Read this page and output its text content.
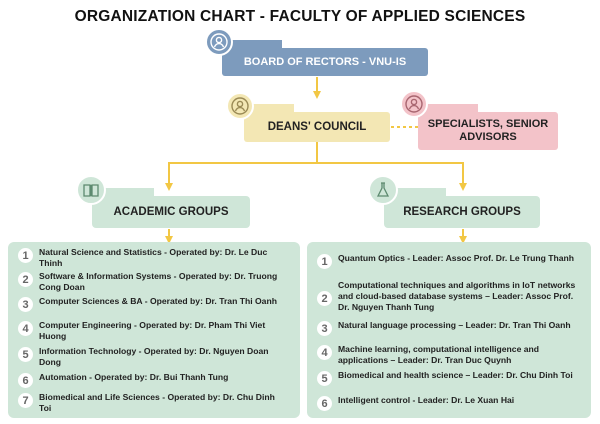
ORGANIZATION CHART - FACULTY OF APPLIED SCIENCES
BOARD OF RECTORS - VNU-IS
DEANS' COUNCIL	SPECIALISTS, SENIOR ADVISORS
ACADEMIC GROUPS	RESEARCH GROUPS
1	Natural Science and Statistics - Operated by: Dr. Le Duc Thinh
2	Software & Information Systems - Operated by: Dr. Truong Cong Doan
3	Computer Sciences & BA - Operated by: Dr. Tran Thi Oanh
4	Computer Engineering - Operated by: Dr. Pham Thi Viet Huong
5	Information Technology - Operated by: Dr. Nguyen Doan Dong
6	Automation - Operated by: Dr. Bui Thanh Tung
7	Biomedical and Life Sciences - Operated by: Dr. Chu Dinh Toi
1	Quantum Optics - Leader: Assoc Prof. Dr. Le Trung Thanh
2
Computational techniques and algorithms in IoT networks and cloud-based database systems – Leader: Assoc Prof. Dr. Nguyen Thanh Tung
3	Natural language processing – Leader: Dr. Tran Thi Oanh
4	Machine learning, computational intelligence and applications – Leader: Dr. Tran Duc Quynh
5	Biomedical and health science – Leader: Dr. Chu Dinh Toi
6	Intelligent control - Leader: Dr. Le Xuan Hai
